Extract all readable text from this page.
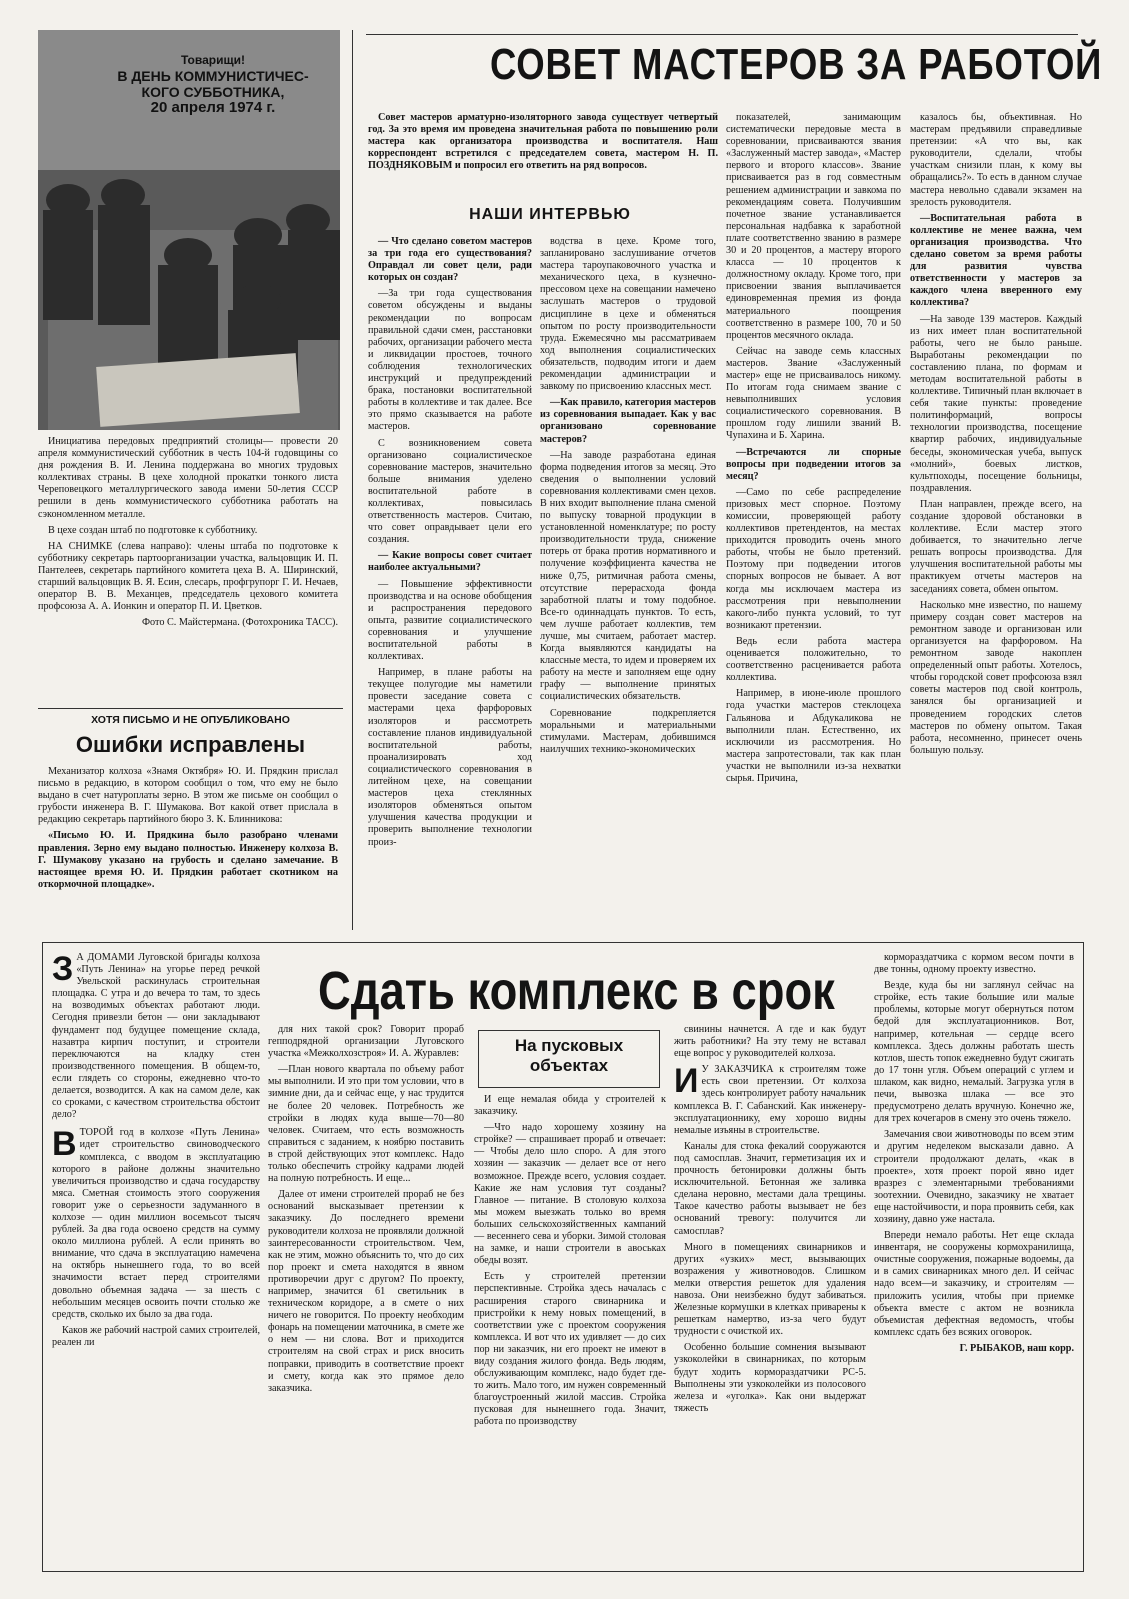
Товарищи!
В ДЕНЬ КОММУНИСТИЧЕС-
КОГО СУББОТНИКА,
20 апреля 1974 г.

Инициатива передовых предприятий столицы— провести 20 апреля коммунистический субботник в честь 104-й годовщины со дня рождения В. И. Ленина поддержана во многих трудовых коллективах страны. В цехе холодной прокатки тонкого листа Череповецкого металлургического завода имени 50-летия СССР решили в день коммунистического субботника работать на сэкономленном металле.

В цехе создан штаб по подготовке к субботнику.

НА СНИМКЕ (слева направо): члены штаба по подготовке к субботнику секретарь партоорганизации участка, вальцовщик И. П. Пантелеев, секретарь партийного комитета цеха В. А. Ширинский, старший вальцовщик В. Я. Есин, слесарь, профгрупорг Г. И. Нечаев, оператор В. В. Механцев, председатель цехового комитета профсоюза А. А. Ионкин и оператор П. И. Цветков.

Фото С. Майстермана. (Фотохроника ТАСС).

ХОТЯ ПИСЬМО И НЕ ОПУБЛИКОВАНО
Ошибки исправлены

Механизатор колхоза «Знамя Октября» Ю. И. Прядкин прислал письмо в редакцию, в котором сообщил о том, что ему не было выдано в счет натуроплаты зерно. В этом же письме он сообщил о грубости инженера В. Г. Шумакова. Вот какой ответ прислала в редакцию секретарь партийного бюро З. К. Блинникова:

«Письмо Ю. И. Прядкина было разобрано членами правления. Зерно ему выдано полностью. Инженеру колхоза В. Г. Шумакову указано на грубость и сделано замечание. В настоящее время Ю. И. Прядкин работает скотником на откормочной площадке».

СОВЕТ МАСТЕРОВ ЗА РАБОТОЙ

Совет мастеров арматурно-изоляторного завода существует четвертый год. За это время им проведена значительная работа по повышению роли мастера как организатора производства и воспитателя. Наш корреспондент встретился с председателем совета, мастером Н. П. ПОЗДНЯКОВЫМ и попросил его ответить на ряд вопросов.

НАШИ ИНТЕРВЬЮ

— Что сделано советом мастеров за три года его существования? Оправдал ли совет цели, ради которых он создан?

—За три года существования советом обсуждены и выданы рекомендации по вопросам правильной сдачи смен, расстановки рабочих, организации рабочего места и ликвидации простоев, точного соблюдения технологических инструкций и предупреждений брака, постановки воспитательной работы в коллективе и так далее. Все это прямо сказывается на работе мастеров.

С возникновением совета организовано социалистическое соревнование мастеров, значительно больше внимания уделено воспитательной работе в коллективах, повысилась ответственность мастеров. Считаю, что совет оправдывает цели его создания.

— Какие вопросы совет считает наиболее актуальными?

— Повышение эффективности производства и на основе обобщения и распространения передового опыта, развитие социалистического соревнования и улучшение воспитательной работы в коллективах.

Например, в плане работы на текущее полугодие мы наметили провести заседание совета с мастерами цеха фарфоровых изоляторов и рассмотреть составление планов индивидуальной воспитательной работы, проанализировать ход социалистического соревнования в литейном цехе, на совещании мастеров цеха стеклянных изоляторов обменяться опытом улучшения качества продукции и проверить выполнение технологии произ-

водства в цехе. Кроме того, запланировано заслушивание отчетов мастера тароупаковочного участка и механического цеха, в кузнечно-прессовом цехе на совещании намечено заслушать мастеров о трудовой дисциплине в цехе и обменяться опытом по росту производительности труда. Ежемесячно мы рассматриваем ход выполнения социалистических обязательств, подводим итоги и даем рекомендации администрации и завкому по присвоению классных мест.

—Как правило, категория мастеров из соревнования выпадает. Как у вас организовано соревнование мастеров?

—На заводе разработана единая форма подведения итогов за месяц. Это сведения о выполнении условий соревнования коллективами смен цехов. В них входит выполнение плана сменой по выпуску товарной продукции в установленной номенклатуре; по росту производительности труда, снижение потерь от брака против нормативного и получение коэффициента качества не ниже 0,75, ритмичная работа смены, отсутствие перерасхода фонда заработной платы и тому подобное. Все-го одиннадцать пунктов. То есть, чем лучше работает коллектив, тем лучше, мы считаем, работает мастер. Когда выявляются кандидаты на классные места, то идем и проверяем их работу на месте и заполняем еще одну графу — выполнение принятых социалистических обязательств.

Соревнование подкрепляется моральными и материальными стимулами. Мастерам, добившимся наилучших технико-экономических

показателей, занимающим систематически передовые места в соревновании, присваиваются звания «Заслуженный мастер завода», «Мастер первого и второго классов». Звание присваивается раз в год совместным решением администрации и завкома по рекомендациям совета. Получившим почетное звание устанавливается персональная надбавка к заработной плате соответственно званию в размере 30 и 20 процентов, а мастеру второго класса — 10 процентов к должностному окладу. Кроме того, при присвоении звания выплачивается единовременная премия из фонда материального поощрения соответственно в размере 100, 70 и 50 процентов месячного оклада.

Сейчас на заводе семь классных мастеров. Звание «Заслуженный мастер» еще не присваивалось никому. По итогам года снимаем звание с невыполнивших условия социалистического соревнования. В прошлом году лишили званий В. Чупахина и Б. Харина.

—Встречаются ли спорные вопросы при подведении итогов за месяц?

—Само по себе распределение призовых мест спорное. Поэтому комиссии, проверяющей работу коллективов претендентов, на местах приходится проводить очень много работы, чтобы не было претензий. Поэтому при подведении итогов спорных вопросов не бывает. А вот когда мы исключаем мастера из рассмотрения при невыполнении какого-либо пункта условий, то тут возникают претензии.

Ведь если работа мастера оценивается положительно, то соответственно расценивается работа коллектива.

Например, в июне-июле прошлого года участки мастеров стеклоцеха Гальянова и Абдукаликова не выполнили план. Естественно, их исключили из рассмотрения. Но мастера запротестовали, так как план участки не выполнили из-за нехватки сырья. Причина,

казалось бы, объективная. Но мастерам предъявили справедливые претензии: «А что вы, как руководители, сделали, чтобы участкам снизили план, к кому вы обращались?». То есть в данном случае мастера невольно сдавали экзамен на зрелость руководителя.

—Воспитательная работа в коллективе не менее важна, чем организация производства. Что сделано советом за время работы для развития чувства ответственности у мастеров за каждого члена вверенного ему коллектива?

—На заводе 139 мастеров. Каждый из них имеет план воспитательной работы, чего не было раньше. Выработаны рекомендации по составлению плана, по формам и методам воспитательной работы в коллективе. Типичный план включает в себя такие пункты: проведение политинформаций, вопросы технологии производства, посещение квартир рабочих, индивидуальные беседы, экономическая учеба, выпуск «молний», боевых листков, культпоходы, посещение больницы, поздравления.

План направлен, прежде всего, на создание здоровой обстановки в коллективе. Если мастер этого добивается, то значительно легче решать вопросы производства. Для улучшения воспитательной работы мы практикуем отчеты мастеров на заседаниях совета, обмен опытом.

Насколько мне известно, по нашему примеру создан совет мастеров на ремонтном заводе и организован или организуется на фарфоровом. На ремонтном заводе накоплен определенный опыт работы. Хотелось, чтобы городской совет профсоюза взял советы мастеров под свой контроль, занялся бы организацией и проведением городских слетов мастеров по обмену опытом. Такая работа, несомненно, принесет очень большую пользу.

Сдать комплекс в срок

З А ДОМАМИ Луговской бригады колхоза «Путь Ленина» на угорье перед речкой Увельской раскинулась строительная площадка. С утра и до вечера то там, то здесь на возводимых объектах работают люди. Сегодня привезли бетон — они закладывают фундамент под будущее помещение склада, назавтра кирпич поступит, и строители переключаются на кладку стен производственного помещения. В общем-то, если глядеть со стороны, ежедневно что-то делается, возводится. А как на самом деле, как со сроками, с качеством строительства обстоит дело?

ВТОРОЙ год в колхозе «Путь Ленина» идет строительство свиноводческого комплекса, с вводом в эксплуатацию которого в районе должны значительно увеличиться производство и сдача государству мяса. Сметная стоимость этого сооружения говорит уже о серьезности задуманного в колхозе — один миллион восемьсот тысяч рублей. За два года освоено средств на сумму около миллиона рублей. А если принять во внимание, что сдача в эксплуатацию намечена на октябрь нынешнего года, то во всей значимости встает перед строителями довольно объемная задача — за шесть с небольшим месяцев освоить почти столько же средств, сколько их было за два года.

Каков же рабочий настрой самих строителей, реален ли

для них такой срок? Говорит прораб гепподрядной организации Луговского участка «Межколхозстроя» И. А. Журавлев:

—План нового квартала по объему работ мы выполнили. И это при том условии, что в зимние дни, да и сейчас еще, у нас трудится не более 20 человек. Потребность же стройки в людях куда выше—70—80 человек. Считаем, что есть возможность справиться с заданием, к ноябрю поставить в строй действующих этот комплекс. Надо только обеспечить стройку кадрами людей на полную потребность. И еще...

Далее от имени строителей прораб не без оснований высказывает претензии к заказчику. До последнего времени руководители колхоза не проявляли должной заинтересованности строительством. Чем, как не этим, можно объяснить то, что до сих пор проект и смета находятся в явном противоречии друг с другом? По проекту, например, значится 61 светильник в техническом коридоре, а в смете о них ничего не говорится. По проекту необходим фонарь на помещении маточника, в смете же о нем — ни слова. Вот и приходится строителям на свой страх и риск вносить поправки, приводить в соответствие проект и смету, когда как это прямое дело заказчика.

На пусковых
объектах

И еще немалая обида у строителей к заказчику.

—Что надо хорошему хозяину на стройке? — спрашивает прораб и отвечает: — Чтобы дело шло споро. А для этого хозяин — заказчик — делает все от него возможное. Прежде всего, условия создает. Какие же нам условия тут созданы? Главное — питание. В столовую колхоза мы можем выезжать только во время больших сельскохозяйственных кампаний — весеннего сева и уборки. Зимой столовая на замке, и наши строители в авоськах обеды возят.

Есть у строителей претензии перспективные. Стройка здесь началась с расширения старого свинарника и пристройки к нему новых помещений, в соответствии уже с проектом сооружения комплекса. И вот что их удивляет — до сих пор ни заказчик, ни его проект не имеют в виду создания жилого фонда. Ведь людям, обслуживающим комплекс, надо будет где-то жить. Мало того, им нужен современный благоустроенный жилой массив. Стройка пусковая для нынешнего года. Значит, работа по производству

свинины начнется. А где и как будут жить работники? На эту тему не вставал еще вопрос у руководителей колхоза.

И У ЗАКАЗЧИКА к строителям тоже есть свои претензии. От колхоза здесь контролирует работу начальник комплекса В. Г. Сабанский. Как инженеру-эксплуатационнику, ему хорошо видны немалые изъяны в строительстве.

Каналы для стока фекалий сооружаются под самосплав. Значит, герметизация их и прочность бетонировки должны быть исключительной. Бетонная же заливка сделана неровно, местами дала трещины. Такое качество работы вызывает не без оснований тревогу: получится ли самосплав?

Много в помещениях свинарников и других «узких» мест, вызывающих возражения у животноводов. Слишком мелки отверстия решеток для удаления навоза. Они неизбежно будут забиваться. Железные кормушки в клетках приварены к решеткам намертво, из-за чего будут трудности с очисткой их.

Особенно большие сомнения вызывают узкоколейки в свинарниках, по которым будут ходить кормораздатчики РС-5. Выполнены эти узкоколейки из полосового железа и «уголка». Как они выдержат тяжесть

кормораздатчика с кормом весом почти в две тонны, одному проекту известно.

Везде, куда бы ни заглянул сейчас на стройке, есть такие большие или малые проблемы, которые могут обернуться потом бедой для эксплуатационников. Вот, например, котельная — сердце всего комплекса. Здесь должны работать шесть котлов, шесть топок ежедневно будут сжигать до 17 тонн угля. Объем операций с углем и шлаком, как видно, немалый. Загрузка угля в печи, вывозка шлака — все это предусмотрено делать вручную. Конечно же, для трех кочегаров в смену это очень тяжело.

Замечания свои животноводы по всем этим и другим неделеком высказали давно. А строители продолжают делать, «как в проекте», хотя проект порой явно идет вразрез с элементарными требованиями зоотехнии. Очевидно, заказчику не хватает еще настойчивости, и пора проявить себя, как хозяину, давно уже настала.

Впереди немало работы. Нет еще склада инвентаря, не сооружены кормохранилища, очистные сооружения, пожарные водоемы, да и в самих свинарниках много дел. И сейчас надо всем—и заказчику, и строителям — приложить усилия, чтобы при приемке объекта вместе с актом не возникла объемистая дефектная ведомость, чтобы комплекс сдать без всяких оговорок.

Г. РЫБАКОВ, наш корр.
